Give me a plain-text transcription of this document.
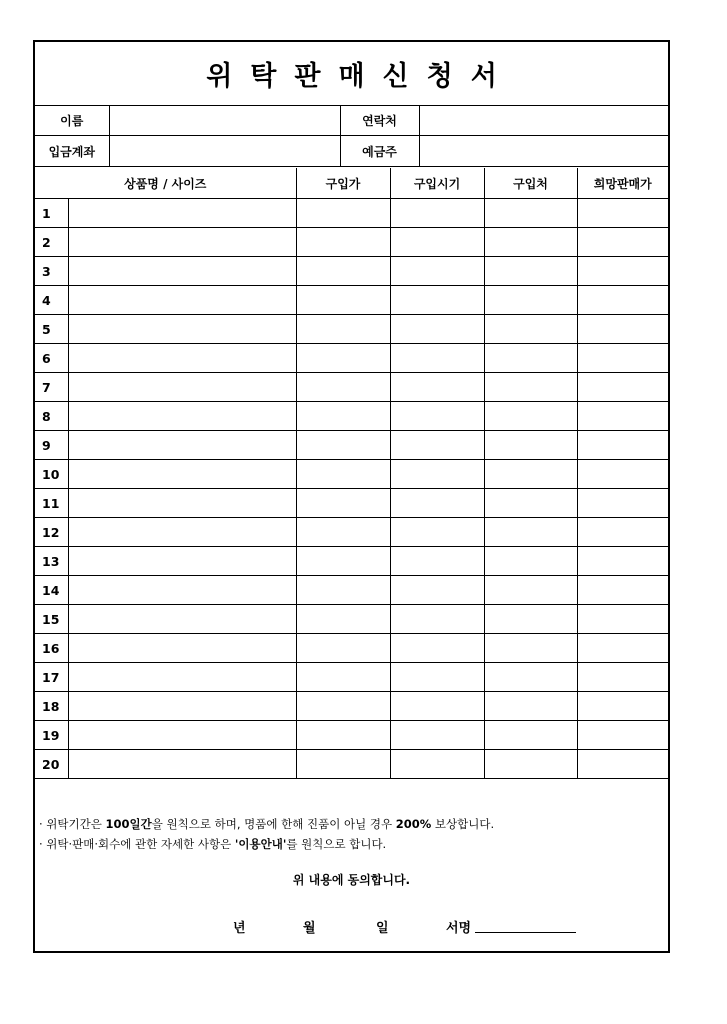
위탁판매신청서
이름		연락처	
입금계좌		예금주	
상품명 / 사이즈		구입가	구입시기	구입처	희망판매가
1					
2					
3					
4					
5					
6					
7					
8					
9					
10					
11					
12					
13					
14					
15					
16					
17					
18					
19					
20					
· 위탁기간은 100일간을 원칙으로 하며, 명품에 한해 진품이 아닐 경우 200% 보상합니다.
· 위탁·판매·회수에 관한 자세한 사항은 '이용안내'를 원칙으로 합니다.
위 내용에 동의합니다.
년	월	일	서명
